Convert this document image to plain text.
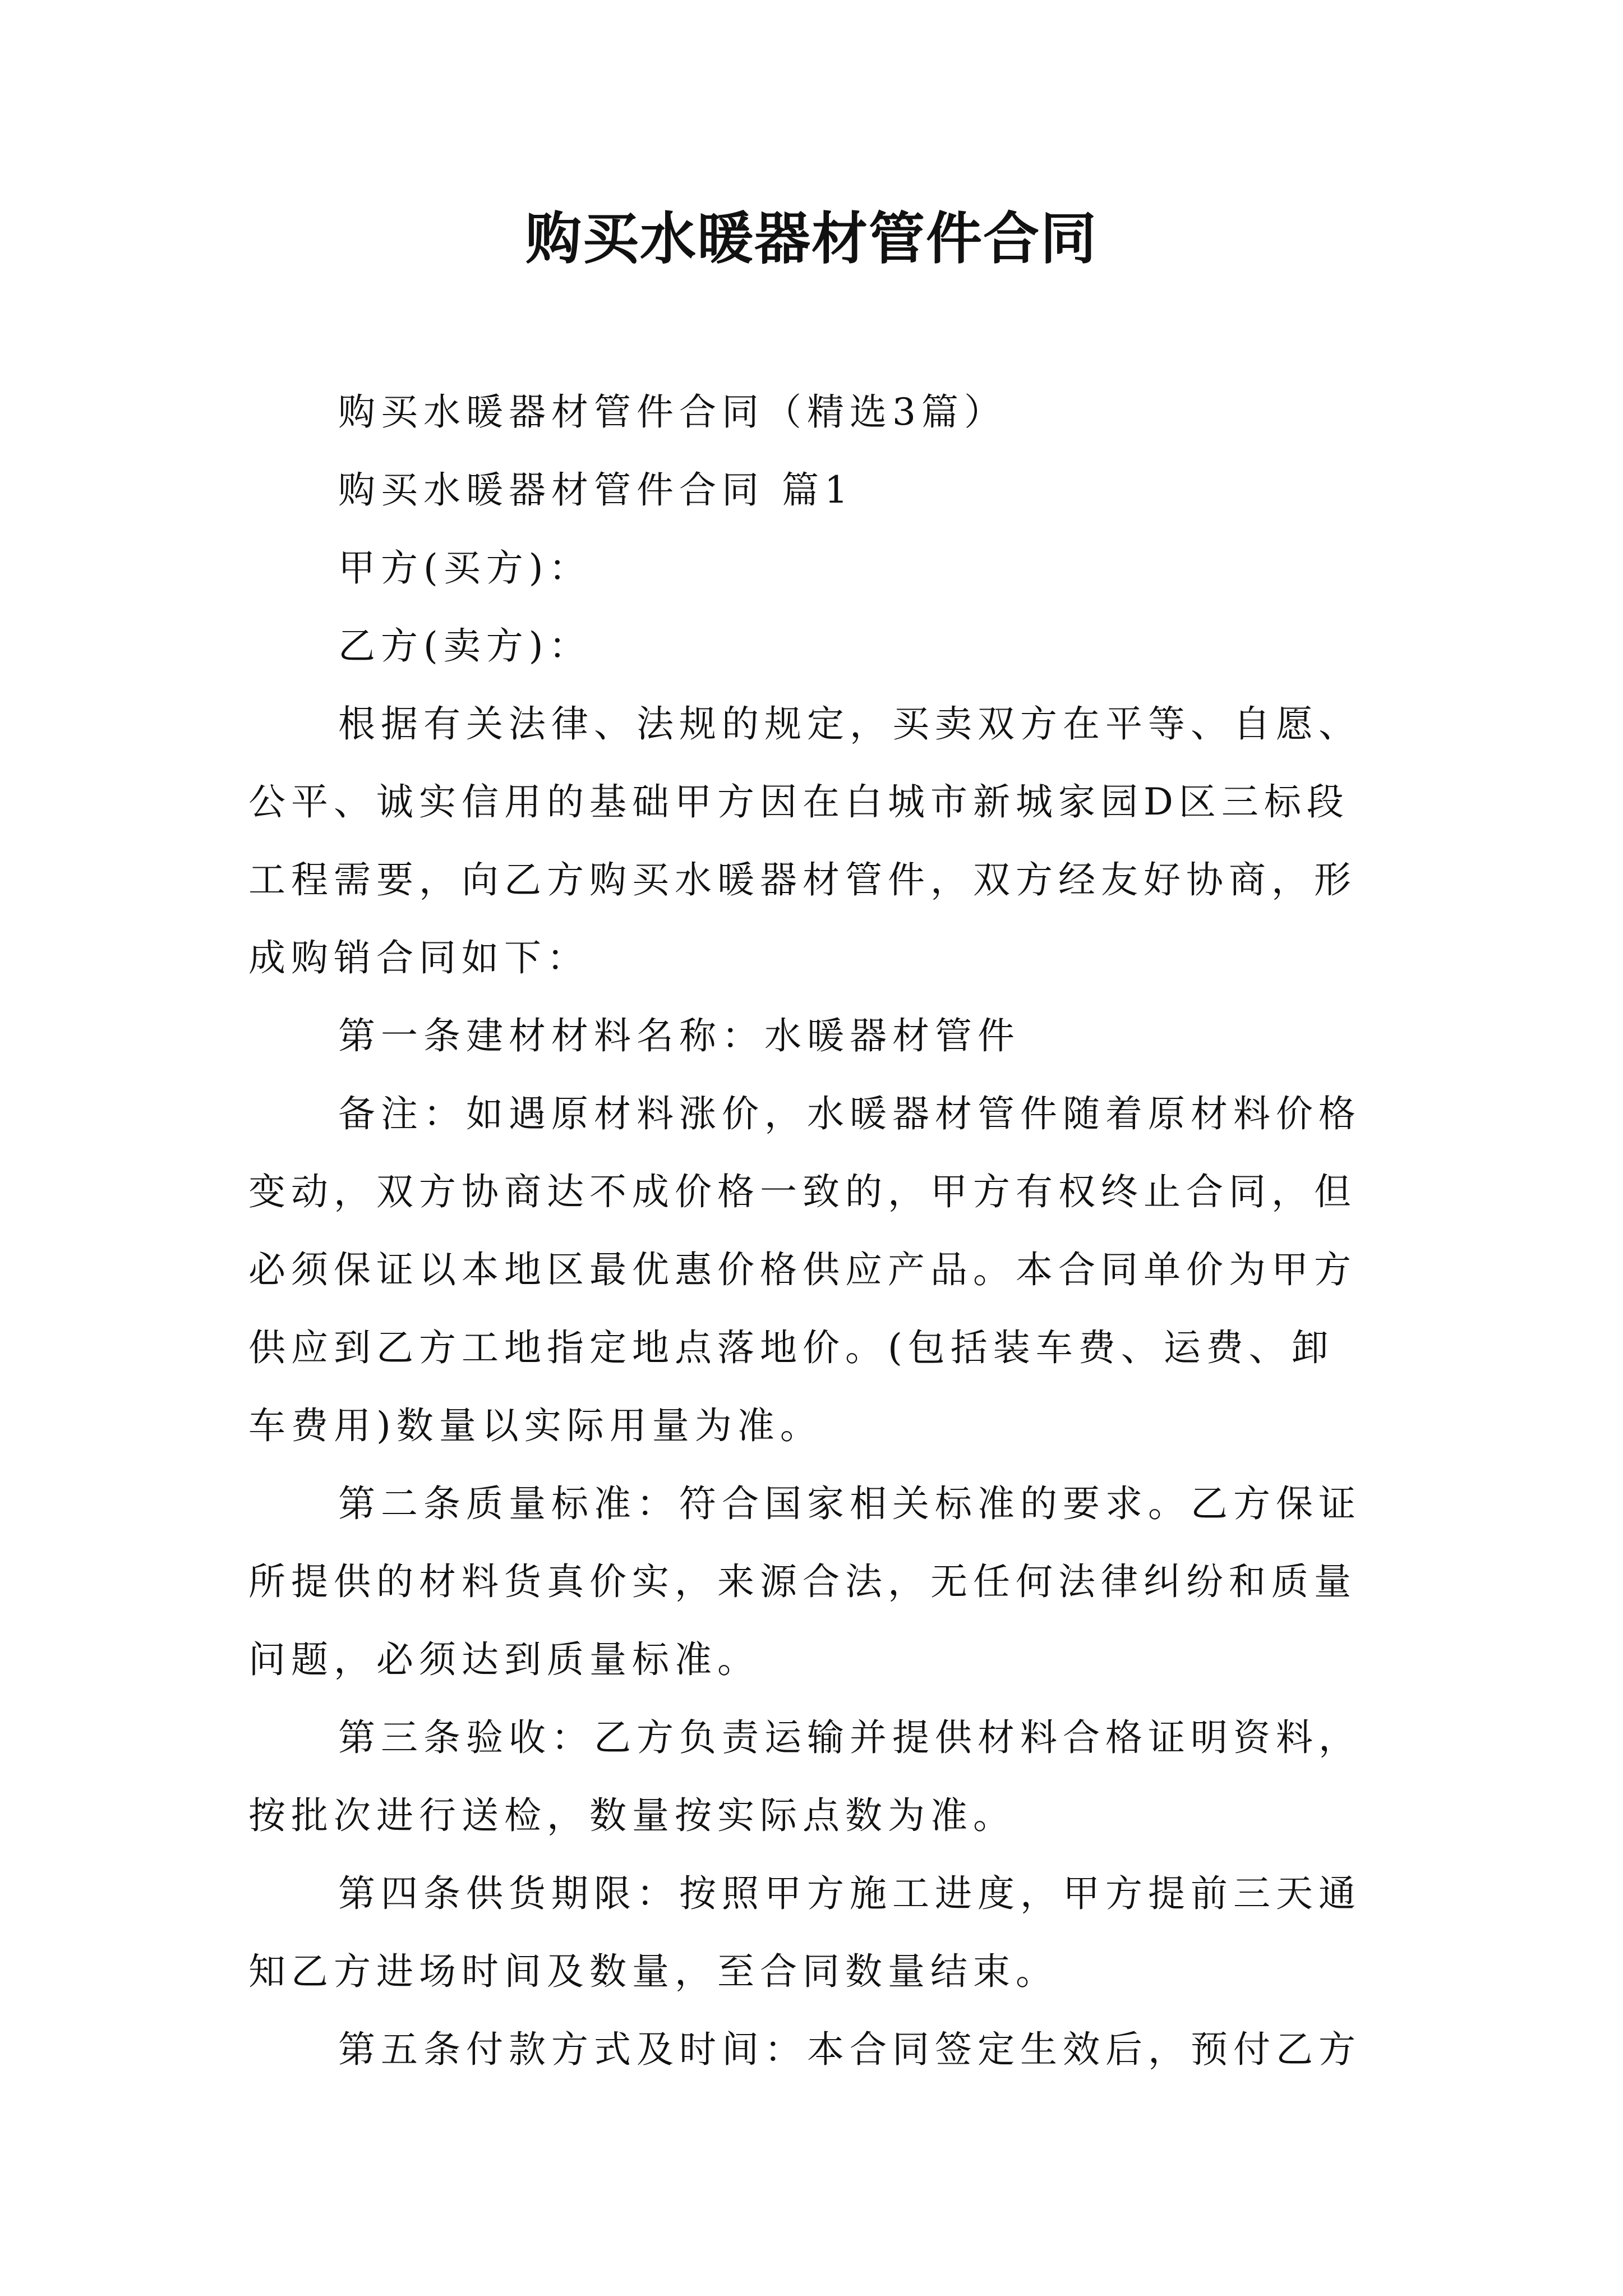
购买水暖器材管件合同

购买水暖器材管件合同（精选3篇）

购买水暖器材管件合同 篇1

甲方(买方)：

乙方(卖方)：

根据有关法律、法规的规定，买卖双方在平等、自愿、
公平、诚实信用的基础甲方因在白城市新城家园D区三标段
工程需要，向乙方购买水暖器材管件，双方经友好协商，形
成购销合同如下：

第一条建材材料名称：水暖器材管件

备注：如遇原材料涨价，水暖器材管件随着原材料价格
变动，双方协商达不成价格一致的，甲方有权终止合同，但
必须保证以本地区最优惠价格供应产品。本合同单价为甲方
供应到乙方工地指定地点落地价。(包括装车费、运费、卸
车费用)数量以实际用量为准。

第二条质量标准：符合国家相关标准的要求。乙方保证
所提供的材料货真价实，来源合法，无任何法律纠纷和质量
问题，必须达到质量标准。

第三条验收：乙方负责运输并提供材料合格证明资料，
按批次进行送检，数量按实际点数为准。

第四条供货期限：按照甲方施工进度，甲方提前三天通
知乙方进场时间及数量，至合同数量结束。

第五条付款方式及时间：本合同签定生效后，预付乙方
